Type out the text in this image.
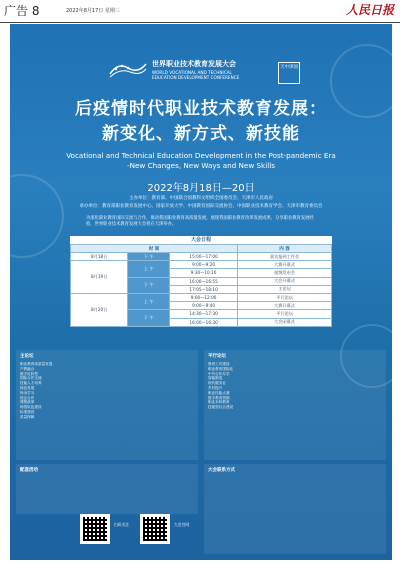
广告 8	2022年8月17日 星期三	人民日报
世界职业技术教育发展大会
WORLD VOCATIONAL AND TECHNICAL
EDUCATION DEVELOPMENT CONFERENCE
天中津国
后疫情时代职业技术教育发展：
新变化、新方式、新技能
Vocational and Technical Education Development in the Post-pandemic Era
-New Changes, New Ways and New Skills
2022年8月18日—20日
主办单位：教育部、中国联合国教科文组织全国委员会、天津市人民政府
承办单位：教育部职业教育发展中心、国家开放大学、中国教育国际交流协会、中国职业技术教育学会、天津市教育委员会
为深化职业教育国际交流与合作，推动我国职业教育高质量发展，展现我国职业教育改革发展成果，分享职业教育发展经验，世界职业技术教育发展大会将在天津举办。
大会日程
时 间			内 容
8月18日	下 午	15:00—17:00	嘉宾报到工作会
8月19日	上 午	9:00—9:20	大赛开幕式
		9:30—10:10	视频发布会
	下 午	16:00—16:55	大会开幕式
		17:05—18:10	主论坛
8月20日	上 午	9:00—12:00	平行论坛
		9:00—9:40	大赛开幕式
	下 午	14:30—17:30	平行论坛
		16:00—16:30	大会闭幕式
主论坛
职业教育高质量发展
产教融合
数字化转型
国际合作交流
技能人才培养
绿色发展
终身学习
校企合作
课程改革
师资队伍建设
标准建设
质量保障
平行论坛
鲁班工坊建设
职业教育国际化
中外合作办学
智能制造
现代服务业
乡村振兴
职业技能大赛
数字教育资源
职业本科教育
技能型社会建设
配套活动	大会联系方式
扫码关注	大会官网
